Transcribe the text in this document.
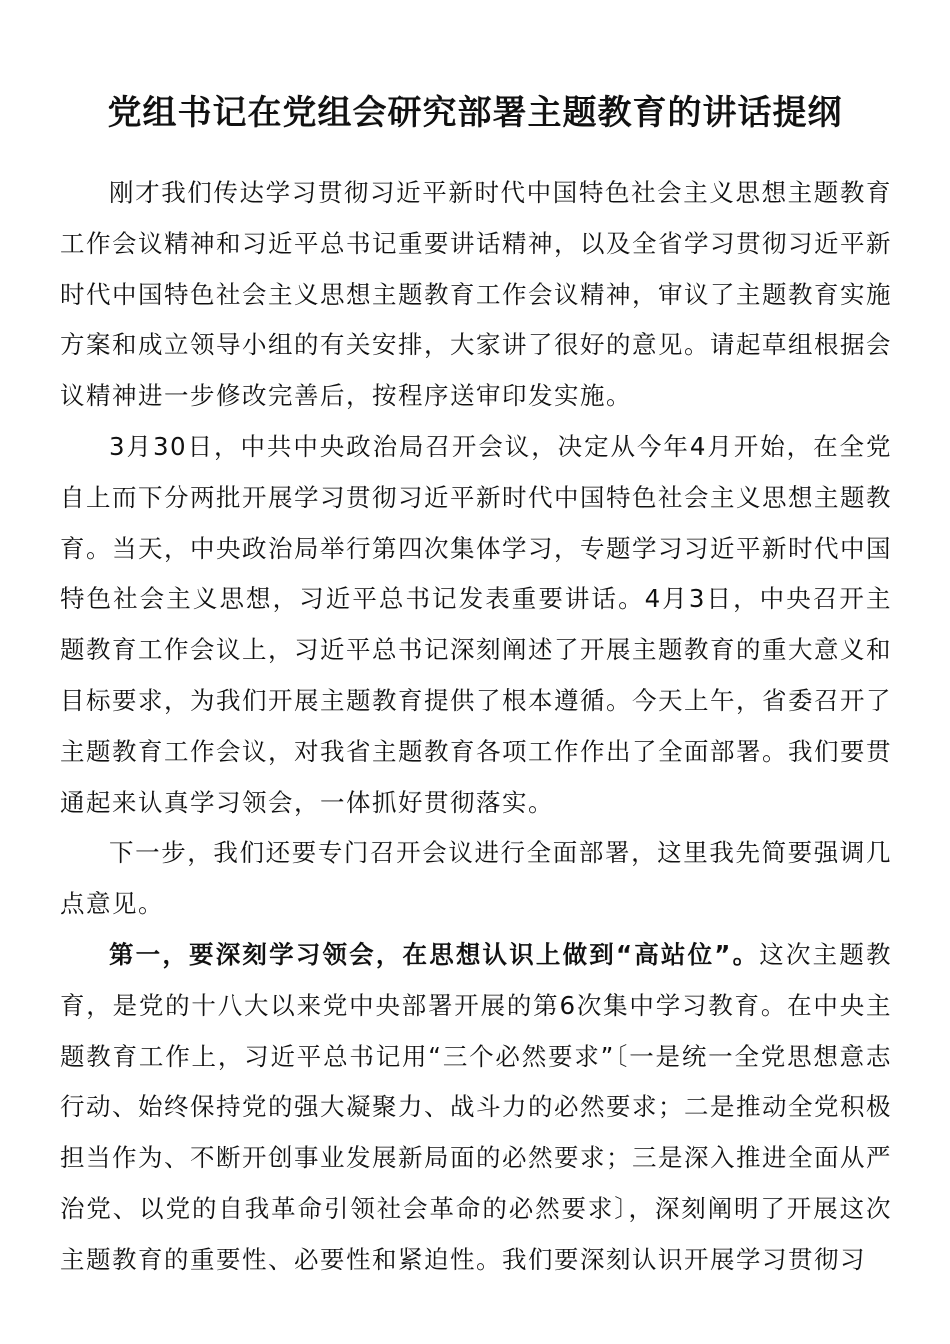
党组书记在党组会研究部署主题教育的讲话提纲

刚才我们传达学习贯彻习近平新时代中国特色社会主义思想主题教育工作会议精神和习近平总书记重要讲话精神，以及全省学习贯彻习近平新时代中国特色社会主义思想主题教育工作会议精神，审议了主题教育实施方案和成立领导小组的有关安排，大家讲了很好的意见。请起草组根据会议精神进一步修改完善后，按程序送审印发实施。

3月30日，中共中央政治局召开会议，决定从今年4月开始，在全党自上而下分两批开展学习贯彻习近平新时代中国特色社会主义思想主题教育。当天，中央政治局举行第四次集体学习，专题学习习近平新时代中国特色社会主义思想，习近平总书记发表重要讲话。4月3日，中央召开主题教育工作会议上，习近平总书记深刻阐述了开展主题教育的重大意义和目标要求，为我们开展主题教育提供了根本遵循。今天上午，省委召开了主题教育工作会议，对我省主题教育各项工作作出了全面部署。我们要贯通起来认真学习领会，一体抓好贯彻落实。

下一步，我们还要专门召开会议进行全面部署，这里我先简要强调几点意见。

第一，要深刻学习领会，在思想认识上做到“高站位”。这次主题教育，是党的十八大以来党中央部署开展的第6次集中学习教育。在中央主题教育工作上，习近平总书记用“三个必然要求”〔一是统一全党思想意志行动、始终保持党的强大凝聚力、战斗力的必然要求；二是推动全党积极担当作为、不断开创事业发展新局面的必然要求；三是深入推进全面从严治党、以党的自我革命引领社会革命的必然要求〕，深刻阐明了开展这次主题教育的重要性、必要性和紧迫性。我们要深刻认识开展学习贯彻习
